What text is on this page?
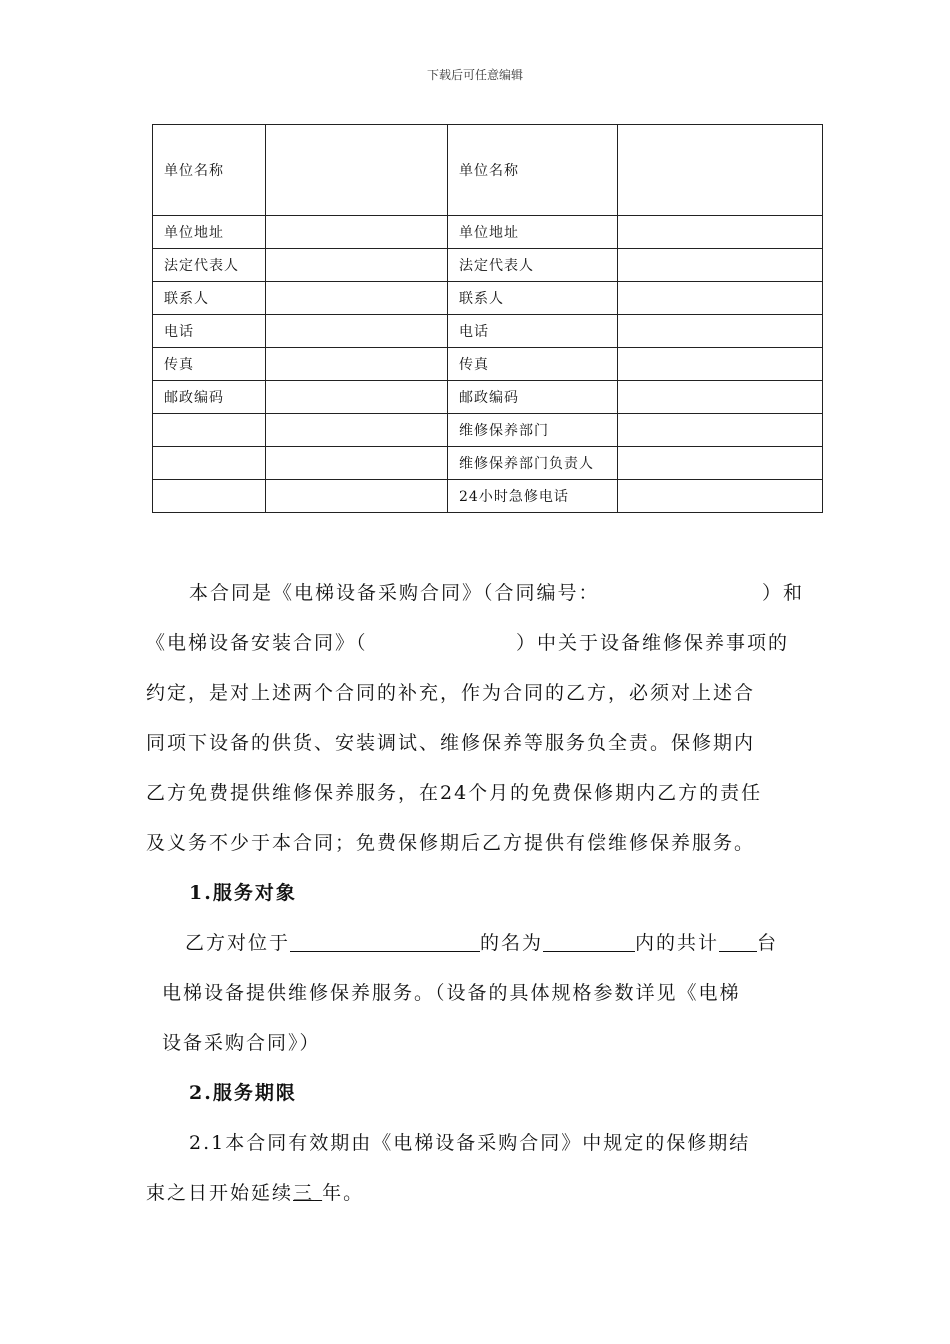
下载后可任意编辑
单位名称		单位名称	
单位地址		单位地址	
法定代表人		法定代表人	
联系人		联系人	
电话		电话	
传真		传真	
邮政编码		邮政编码	
		维修保养部门	
		维修保养部门负责人	
		24小时急修电话	
本合同是《电梯设备采购合同》（合同编号：	）和
《电梯设备安装合同》（	）中关于设备维修保养事项的
约定，是对上述两个合同的补充，作为合同的乙方，必须对上述合
同项下设备的供货、安装调试、维修保养等服务负全责。保修期内
乙方免费提供维修保养服务，在24个月的免费保修期内乙方的责任
及义务不少于本合同；免费保修期后乙方提供有偿维修保养服务。
1.服务对象
乙方对位于	的名为	内的共计 台
电梯设备提供维修保养服务。（设备的具体规格参数详见《电梯
设备采购合同》）
2.服务期限
2.1本合同有效期由《电梯设备采购合同》中规定的保修期结
束之日开始延续三 年。
